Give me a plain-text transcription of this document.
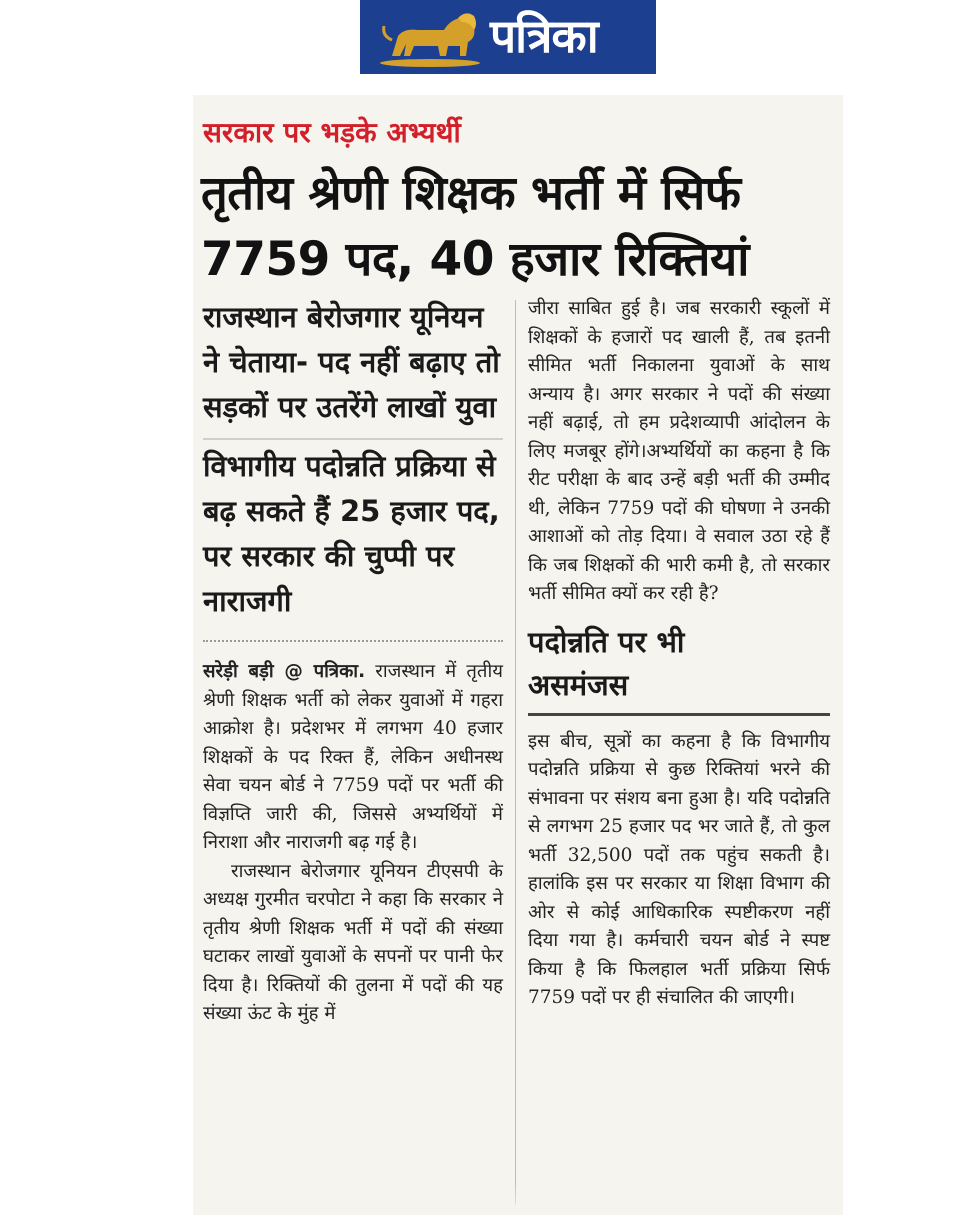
पत्रिका
सरकार पर भड़के अभ्यर्थी
तृतीय श्रेणी शिक्षक भर्ती में सिर्फ 7759 पद, 40 हजार रिक्तियां
राजस्थान बेरोजगार यूनियन ने चेताया- पद नहीं बढ़ाए तो सड़कों पर उतरेंगे लाखों युवा
विभागीय पदोन्नति प्रक्रिया से बढ़ सकते हैं 25 हजार पद, पर सरकार की चुप्पी पर नाराजगी

सरेड़ी बड़ी @ पत्रिका. राजस्थान में तृतीय श्रेणी शिक्षक भर्ती को लेकर युवाओं में गहरा आक्रोश है। प्रदेशभर में लगभग 40 हजार शिक्षकों के पद रिक्त हैं, लेकिन अधीनस्थ सेवा चयन बोर्ड ने 7759 पदों पर भर्ती की विज्ञप्ति जारी की, जिससे अभ्यर्थियों में निराशा और नाराजगी बढ़ गई है।

राजस्थान बेरोजगार यूनियन टीएसपी के अध्यक्ष गुरमीत चरपोटा ने कहा कि सरकार ने तृतीय श्रेणी शिक्षक भर्ती में पदों की संख्या घटाकर लाखों युवाओं के सपनों पर पानी फेर दिया है। रिक्तियों की तुलना में पदों की यह संख्या ऊंट के मुंह में

जीरा साबित हुई है। जब सरकारी स्कूलों में शिक्षकों के हजारों पद खाली हैं, तब इतनी सीमित भर्ती निकालना युवाओं के साथ अन्याय है। अगर सरकार ने पदों की संख्या नहीं बढ़ाई, तो हम प्रदेशव्यापी आंदोलन के लिए मजबूर होंगे।अभ्यर्थियों का कहना है कि रीट परीक्षा के बाद उन्हें बड़ी भर्ती की उम्मीद थी, लेकिन 7759 पदों की घोषणा ने उनकी आशाओं को तोड़ दिया। वे सवाल उठा रहे हैं कि जब शिक्षकों की भारी कमी है, तो सरकार भर्ती सीमित क्यों कर रही है?

पदोन्नति पर भी असमंजस

इस बीच, सूत्रों का कहना है कि विभागीय पदोन्नति प्रक्रिया से कुछ रिक्तियां भरने की संभावना पर संशय बना हुआ है। यदि पदोन्नति से लगभग 25 हजार पद भर जाते हैं, तो कुल भर्ती 32,500 पदों तक पहुंच सकती है। हालांकि इस पर सरकार या शिक्षा विभाग की ओर से कोई आधिकारिक स्पष्टीकरण नहीं दिया गया है। कर्मचारी चयन बोर्ड ने स्पष्ट किया है कि फिलहाल भर्ती प्रक्रिया सिर्फ 7759 पदों पर ही संचालित की जाएगी।
